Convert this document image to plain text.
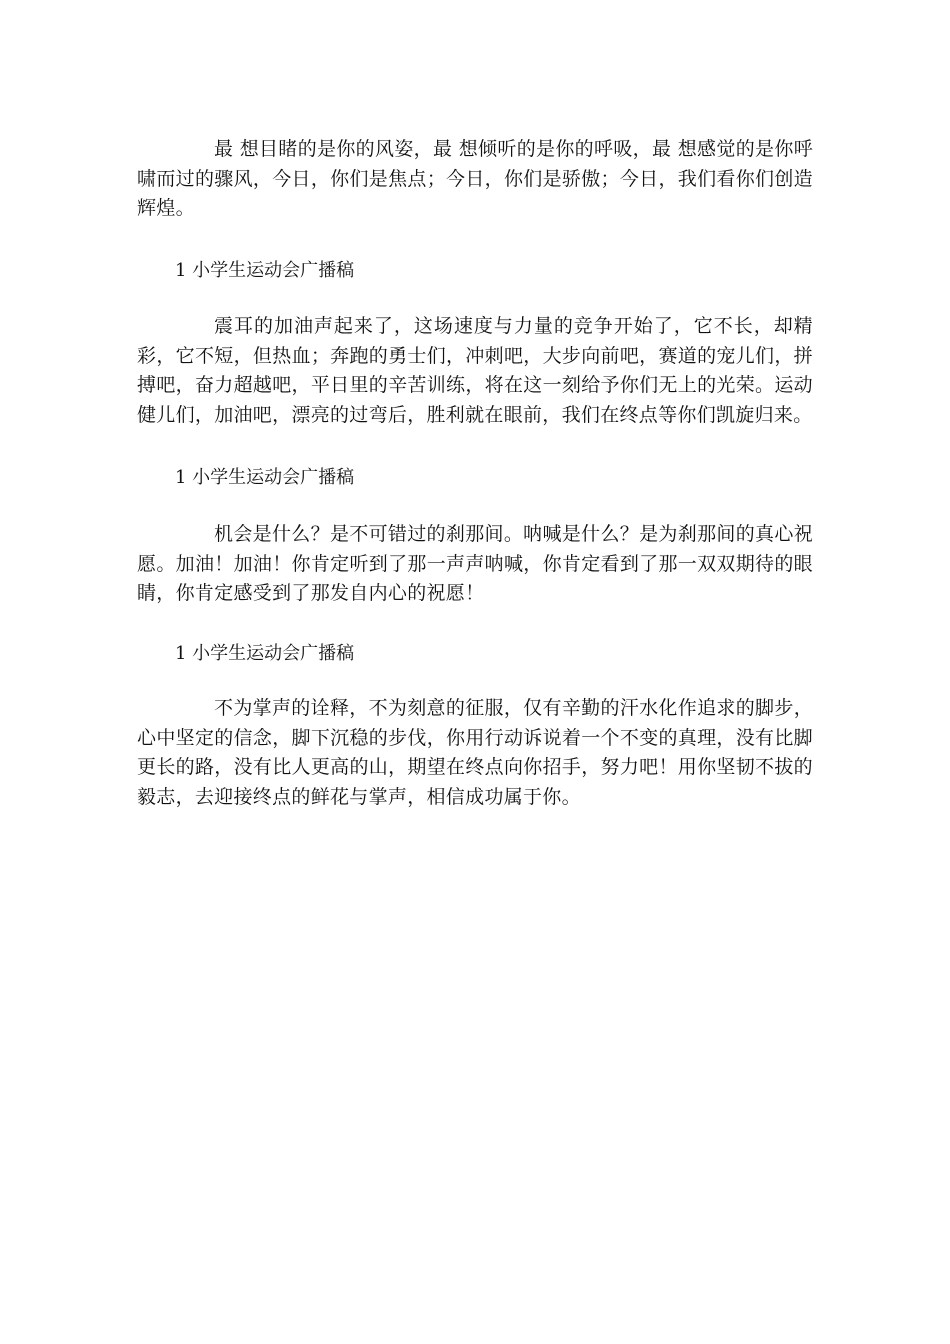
最 想目睹的是你的风姿，最 想倾听的是你的呼吸，最 想感觉的是你呼啸而过的骤风，今日，你们是焦点；今日，你们是骄傲；今日，我们看你们创造辉煌。

1 小学生运动会广播稿

震耳的加油声起来了，这场速度与力量的竞争开始了，它不长，却精彩，它不短，但热血；奔跑的勇士们，冲刺吧，大步向前吧，赛道的宠儿们，拼搏吧，奋力超越吧，平日里的辛苦训练，将在这一刻给予你们无上的光荣。运动健儿们，加油吧，漂亮的过弯后，胜利就在眼前，我们在终点等你们凯旋归来。

1 小学生运动会广播稿

机会是什么？是不可错过的刹那间。呐喊是什么？是为刹那间的真心祝愿。加油！加油！你肯定听到了那一声声呐喊，你肯定看到了那一双双期待的眼睛，你肯定感受到了那发自内心的祝愿！

1 小学生运动会广播稿

不为掌声的诠释，不为刻意的征服，仅有辛勤的汗水化作追求的脚步，心中坚定的信念，脚下沉稳的步伐，你用行动诉说着一个不变的真理，没有比脚更长的路，没有比人更高的山，期望在终点向你招手，努力吧！用你坚韧不拔的毅志，去迎接终点的鲜花与掌声，相信成功属于你。
